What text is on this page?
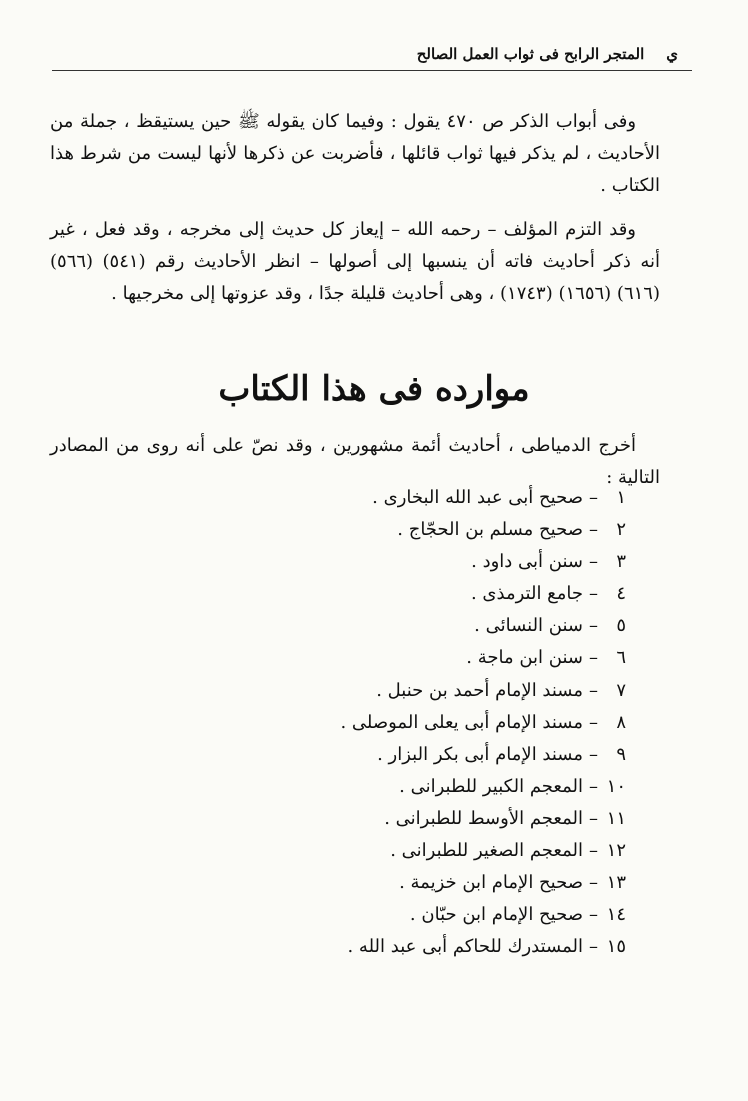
ي
المتجر الرابح فى ثواب العمل الصالح

وفى أبواب الذكر ص ٤٧٠ يقول : وفيما كان يقوله ﷺ حين يستيقظ ، جملة من الأحاديث ، لم يذكر فيها ثواب قائلها ، فأضربت عن ذكرها لأنها ليست من شرط هذا الكتاب .

وقد التزم المؤلف – رحمه الله – إيعاز كل حديث إلى مخرجه ، وقد فعل ، غير أنه ذكر أحاديث فاته أن ينسبها إلى أصولها – انظر الأحاديث رقم (٥٤١) (٥٦٦) (٦١٦) (١٦٥٦) (١٧٤٣) ، وهى أحاديث قليلة جدًا ، وقد عزوتها إلى مخرجيها .

موارده فى هذا الكتاب

أخرج الدمياطى ، أحاديث أئمة مشهورين ، وقد نصّ على أنه روى من المصادر التالية :

١
–
صحيح أبى عبد الله البخارى .
٢
–
صحيح مسلم بن الحجّاج .
٣
–
سنن أبى داود .
٤
–
جامع الترمذى .
٥
–
سنن النسائى .
٦
–
سنن ابن ماجة .
٧
–
مسند الإمام أحمد بن حنبل .
٨
–
مسند الإمام أبى يعلى الموصلى .
٩
–
مسند الإمام أبى بكر البزار .
١٠
–
المعجم الكبير للطبرانى .
١١
–
المعجم الأوسط للطبرانى .
١٢
–
المعجم الصغير للطبرانى .
١٣
–
صحيح الإمام ابن خزيمة .
١٤
–
صحيح الإمام ابن حبّان .
١٥
–
المستدرك للحاكم أبى عبد الله .
